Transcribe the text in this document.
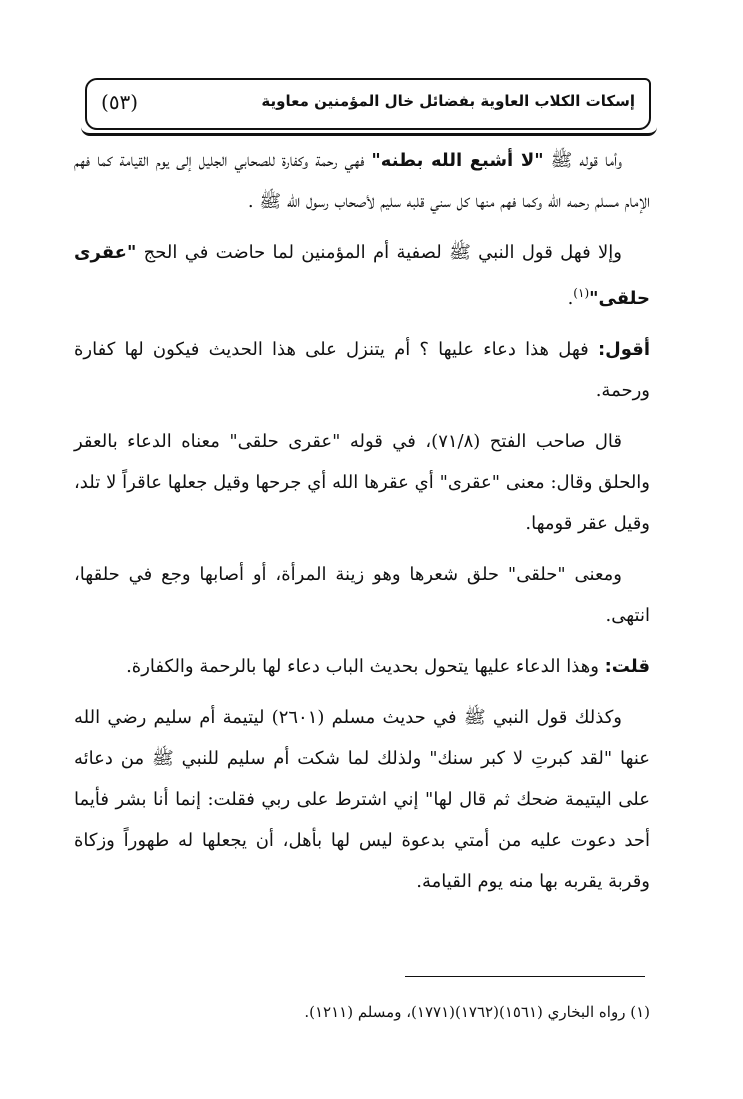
إسكات الكلاب العاوية بفضائل خال المؤمنين معاوية
(٥٣)

وأما قوله ﷺ "لا أشبع الله بطنه" فهي رحمة وكفارة للصحابي الجليل إلى يوم القيامة كما فهم الإمام مسلم رحمه الله وكما فهم منها كل سني قلبه سليم لأصحاب رسول الله ﷺ .

وإلا فهل قول النبي ﷺ لصفية أم المؤمنين لما حاضت في الحج "عقرى حلقى"$^{(١)}$.

أقول: فهل هذا دعاء عليها ؟ أم يتنزل على هذا الحديث فيكون لها كفارة ورحمة.

قال صاحب الفتح (٧١/٨)، في قوله "عقرى حلقى" معناه الدعاء بالعقر والحلق وقال: معنى "عقرى" أي عقرها الله أي جرحها وقيل جعلها عاقراً لا تلد، وقيل عقر قومها.

ومعنى "حلقى" حلق شعرها وهو زينة المرأة، أو أصابها وجع في حلقها، انتهى.

قلت: وهذا الدعاء عليها يتحول بحديث الباب دعاء لها بالرحمة والكفارة.

وكذلك قول النبي ﷺ في حديث مسلم (٢٦٠١) ليتيمة أم سليم رضي الله عنها "لقد كبرتِ لا كبر سنك" ولذلك لما شكت أم سليم للنبي ﷺ من دعائه على اليتيمة ضحك ثم قال لها" إني اشترط على ربي فقلت: إنما أنا بشر فأيما أحد دعوت عليه من أمتي بدعوة ليس لها بأهل، أن يجعلها له طهوراً وزكاة وقربة يقربه بها منه يوم القيامة.

(١) رواه البخاري (١٥٦١)(١٧٦٢)(١٧٧١)، ومسلم (١٢١١).
